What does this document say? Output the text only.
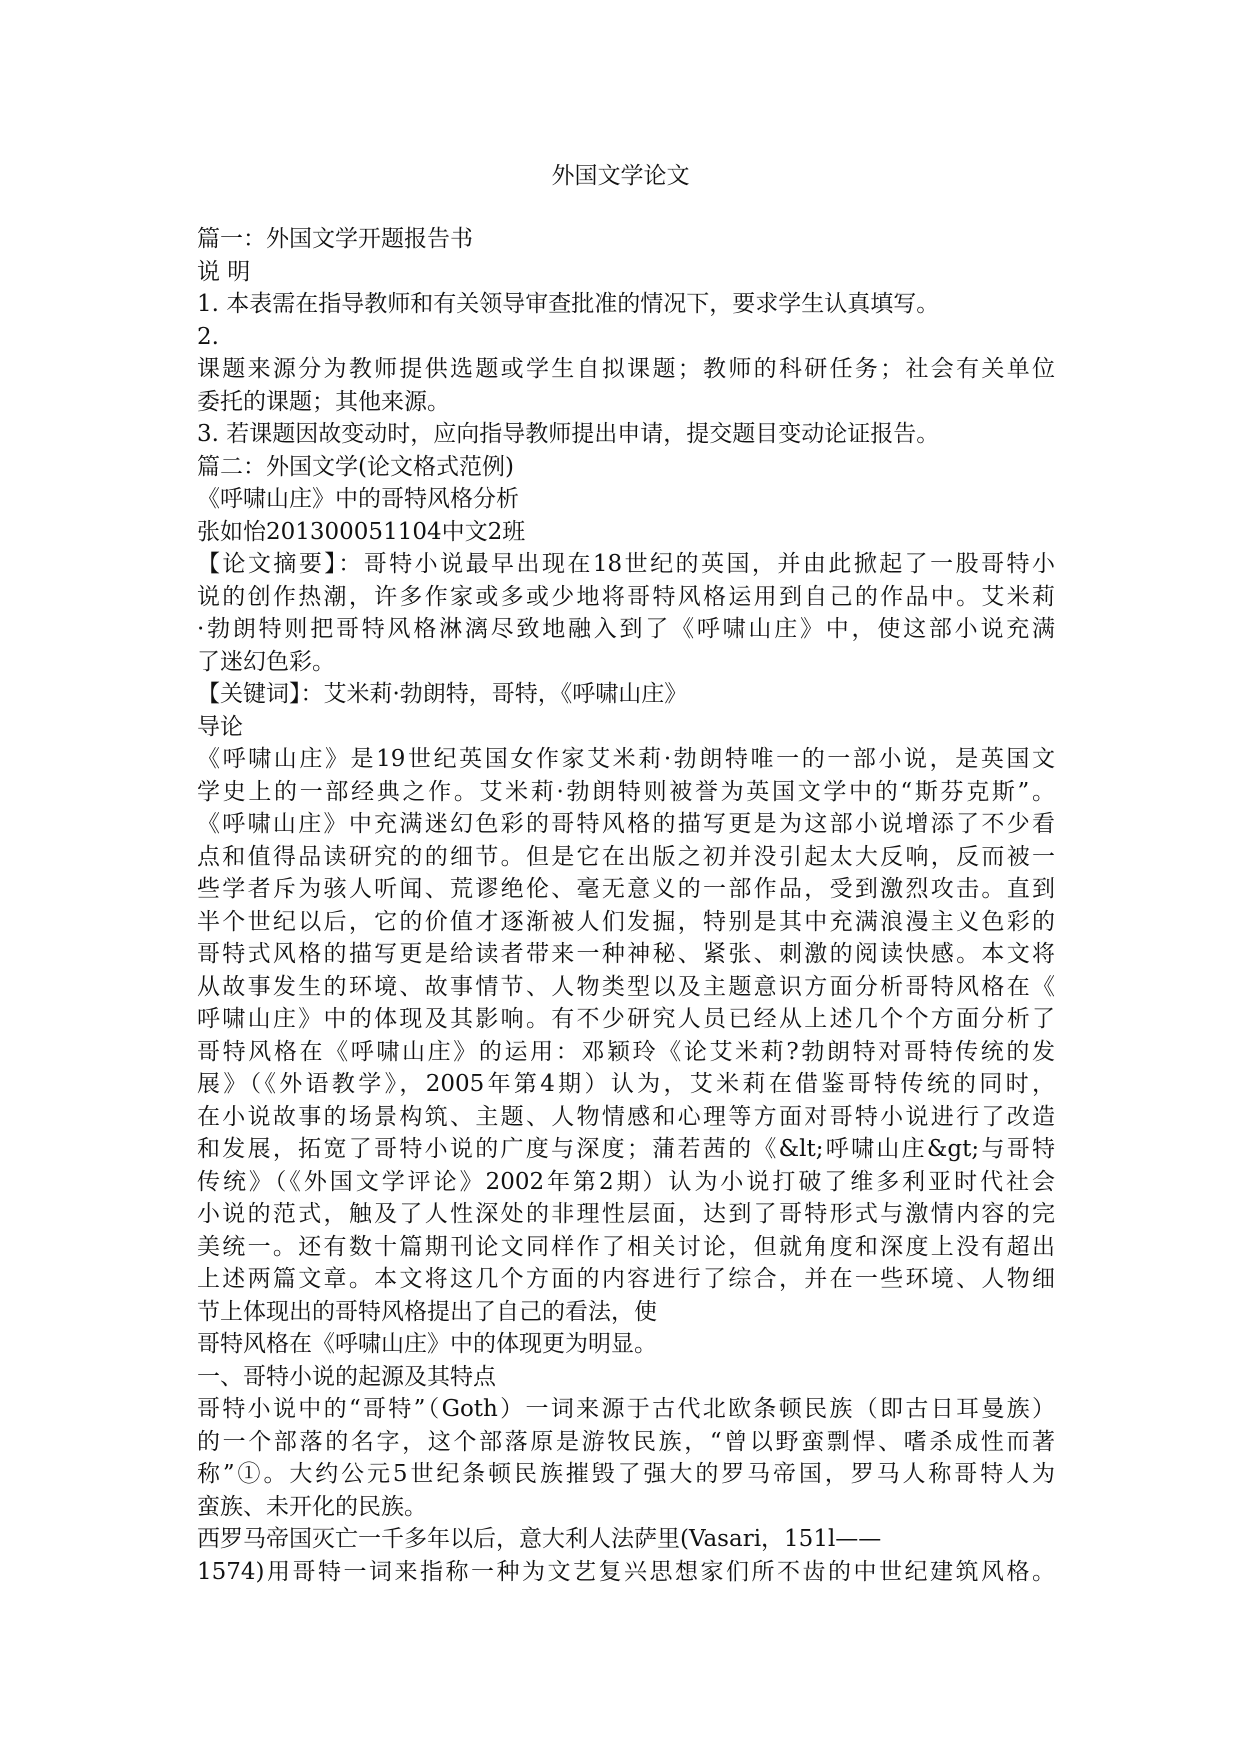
外国文学论文
篇一：外国文学开题报告书
说 明
1. 本表需在指导教师和有关领导审查批准的情况下，要求学生认真填写。
2.
课题来源分为教师提供选题或学生自拟课题；教师的科研任务；社会有关单位
委托的课题；其他来源。
3. 若课题因故变动时，应向指导教师提出申请，提交题目变动论证报告。
篇二：外国文学(论文格式范例)
《呼啸山庄》中的哥特风格分析
张如怡201300051104中文2班
【论文摘要】：哥特小说最早出现在18世纪的英国，并由此掀起了一股哥特小
说的创作热潮，许多作家或多或少地将哥特风格运用到自己的作品中。艾米莉
·勃朗特则把哥特风格淋漓尽致地融入到了《呼啸山庄》中，使这部小说充满
了迷幻色彩。
【关键词】：艾米莉·勃朗特，哥特，《呼啸山庄》
导论
《呼啸山庄》是19世纪英国女作家艾米莉·勃朗特唯一的一部小说，是英国文
学史上的一部经典之作。艾米莉·勃朗特则被誉为英国文学中的“斯芬克斯”。
《呼啸山庄》中充满迷幻色彩的哥特风格的描写更是为这部小说增添了不少看
点和值得品读研究的的细节。但是它在出版之初并没引起太大反响，反而被一
些学者斥为骇人听闻、荒谬绝伦、毫无意义的一部作品，受到激烈攻击。直到
半个世纪以后，它的价值才逐渐被人们发掘，特别是其中充满浪漫主义色彩的
哥特式风格的描写更是给读者带来一种神秘、紧张、刺激的阅读快感。本文将
从故事发生的环境、故事情节、人物类型以及主题意识方面分析哥特风格在《
呼啸山庄》中的体现及其影响。有不少研究人员已经从上述几个个方面分析了
哥特风格在《呼啸山庄》的运用：邓颖玲《论艾米莉?勃朗特对哥特传统的发
展》（《外语教学》，2005年第4期）认为，艾米莉在借鉴哥特传统的同时，
在小说故事的场景构筑、主题、人物情感和心理等方面对哥特小说进行了改造
和发展，拓宽了哥特小说的广度与深度；蒲若茜的《&lt;呼啸山庄&gt;与哥特
传统》（《外国文学评论》2002年第2期）认为小说打破了维多利亚时代社会
小说的范式，触及了人性深处的非理性层面，达到了哥特形式与激情内容的完
美统一。还有数十篇期刊论文同样作了相关讨论，但就角度和深度上没有超出
上述两篇文章。本文将这几个方面的内容进行了综合，并在一些环境、人物细
节上体现出的哥特风格提出了自己的看法，使
哥特风格在《呼啸山庄》中的体现更为明显。
一、哥特小说的起源及其特点
哥特小说中的“哥特”（Goth）一词来源于古代北欧条顿民族（即古日耳曼族）
的一个部落的名字，这个部落原是游牧民族，“曾以野蛮剽悍、嗜杀成性而著
称”①。大约公元5世纪条顿民族摧毁了强大的罗马帝国，罗马人称哥特人为
蛮族、未开化的民族。
西罗马帝国灭亡一千多年以后，意大利人法萨里(Vasari，151l——
1574)用哥特一词来指称一种为文艺复兴思想家们所不齿的中世纪建筑风格。
